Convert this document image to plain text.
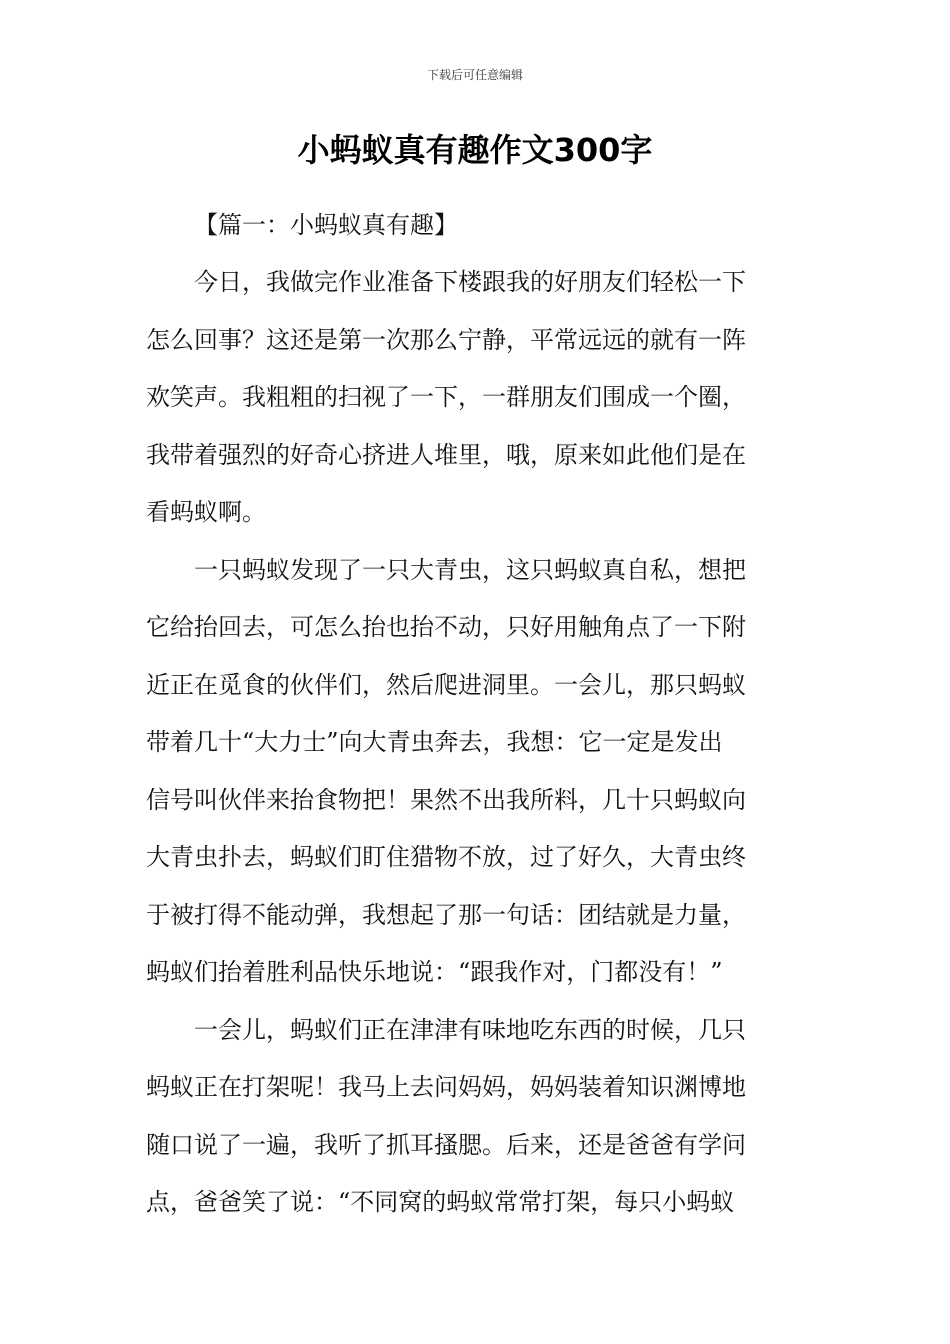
下载后可任意编辑
小蚂蚁真有趣作文300字

【篇一：小蚂蚁真有趣】

今日，我做完作业准备下楼跟我的好朋友们轻松一下
怎么回事？这还是第一次那么宁静，平常远远的就有一阵
欢笑声。我粗粗的扫视了一下，一群朋友们围成一个圈，
我带着强烈的好奇心挤进人堆里，哦，原来如此他们是在
看蚂蚁啊。

一只蚂蚁发现了一只大青虫，这只蚂蚁真自私，想把
它给抬回去，可怎么抬也抬不动，只好用触角点了一下附
近正在觅食的伙伴们，然后爬进洞里。一会儿，那只蚂蚁
带着几十“大力士”向大青虫奔去，我想：它一定是发出
信号叫伙伴来抬食物把！果然不出我所料，几十只蚂蚁向
大青虫扑去，蚂蚁们盯住猎物不放，过了好久，大青虫终
于被打得不能动弹，我想起了那一句话：团结就是力量，
蚂蚁们抬着胜利品快乐地说：“跟我作对，门都没有！”

一会儿，蚂蚁们正在津津有味地吃东西的时候，几只
蚂蚁正在打架呢！我马上去问妈妈，妈妈装着知识渊博地
随口说了一遍，我听了抓耳搔腮。后来，还是爸爸有学问
点，爸爸笑了说：“不同窝的蚂蚁常常打架，每只小蚂蚁
